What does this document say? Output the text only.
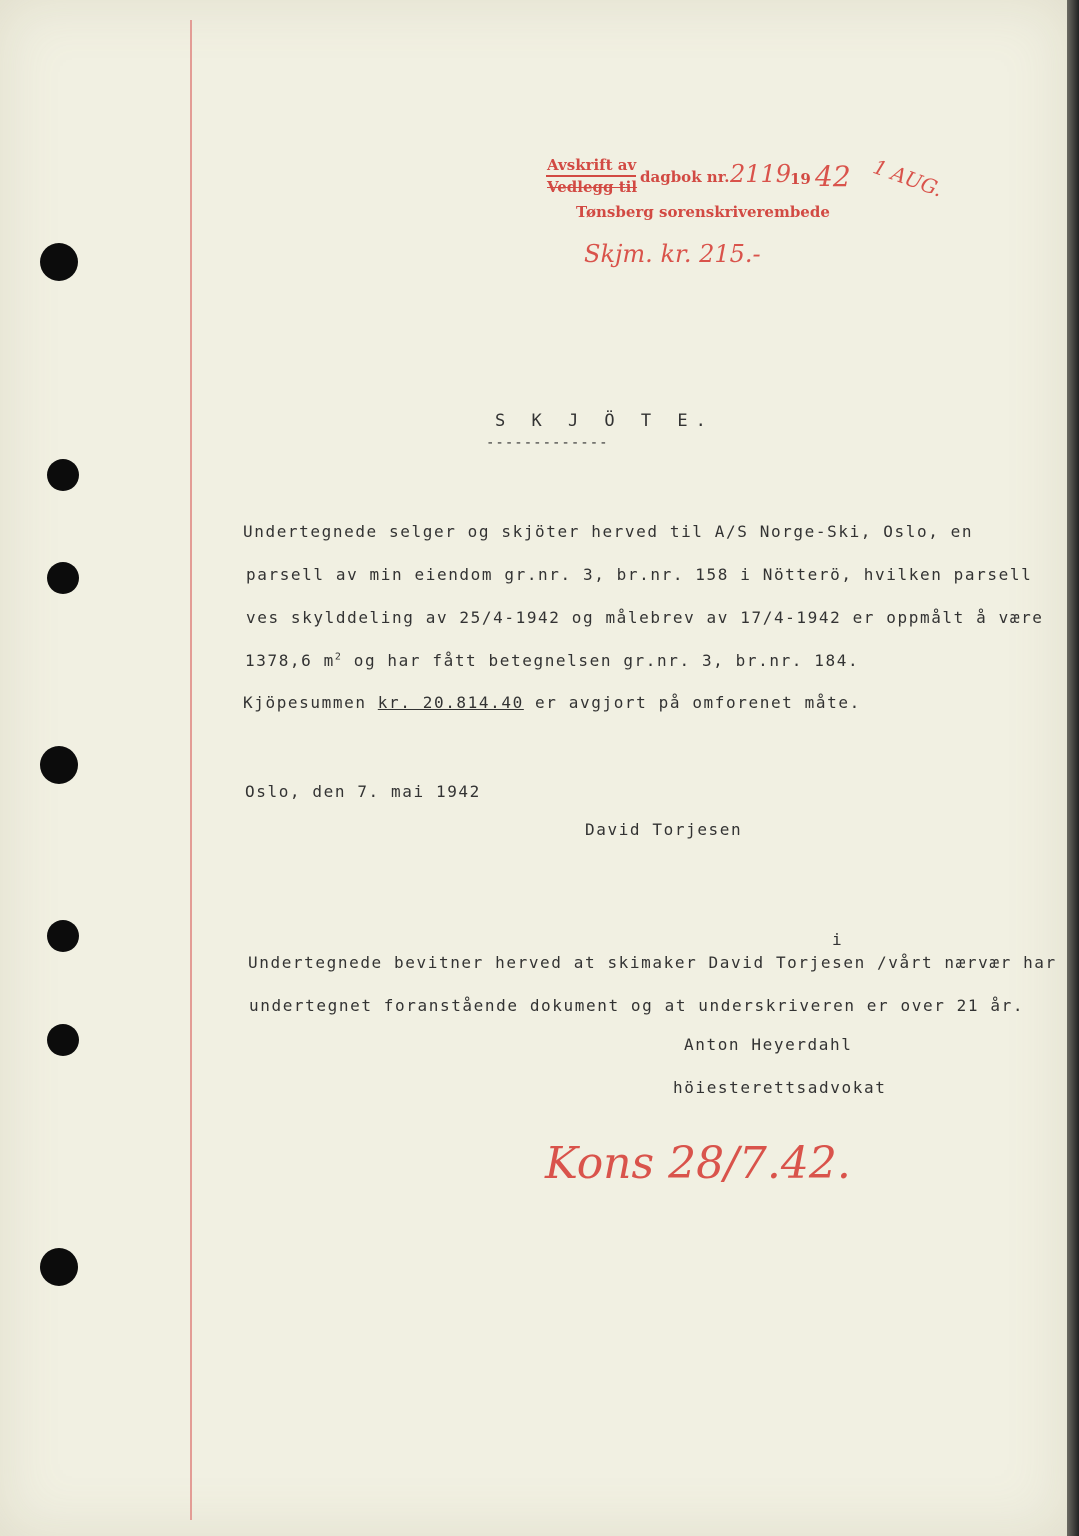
Avskrift av
Vedlegg til
dagbok nr. 2119
19 42 1 AUG.
Tønsberg sorenskriverembede
Skjm. kr. 215.-
S K J Ö T E.
-------------
Undertegnede selger og skjöter herved til A/S Norge-Ski, Oslo, en
parsell av min eiendom gr.nr. 3, br.nr. 158 i Nötterö, hvilken parsell
ves skylddeling av 25/4-1942 og målebrev av 17/4-1942 er oppmålt å være
1378,6 $m^2$ og har fått betegnelsen gr.nr. 3, br.nr. 184.
Kjöpesummen kr. 20.814.40 er avgjort på omforenet måte.
Oslo, den 7. mai 1942
David Torjesen
i
Undertegnede bevitner herved at skimaker David Torjesen /vårt nærvær har
undertegnet foranstående dokument og at underskriveren er over 21 år.
Anton Heyerdahl
höiesterettsadvokat
Kons 28/7.42.
